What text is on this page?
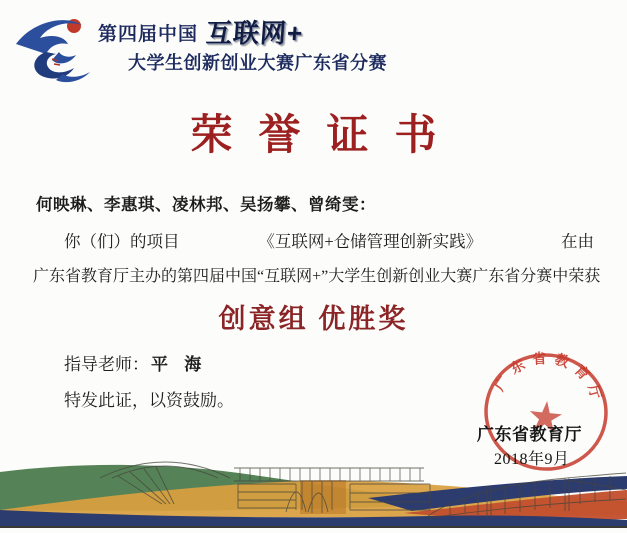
第四届中国 互联网+
大学生创新创业大赛广东省分赛
荣誉证书
何映琳、李惠琪、凌林邦、吴扬攀、曾绮雯：
你（们）的项目	《互联网+仓储管理创新实践》	在由
广东省教育厅主办的第四届中国“互联网+”大学生创新创业大赛广东省分赛中荣获
创意组 优胜奖
指导老师： 平 海
特发此证，以资鼓励。
广东省教育厅
广东省教育厅
2018年9月
